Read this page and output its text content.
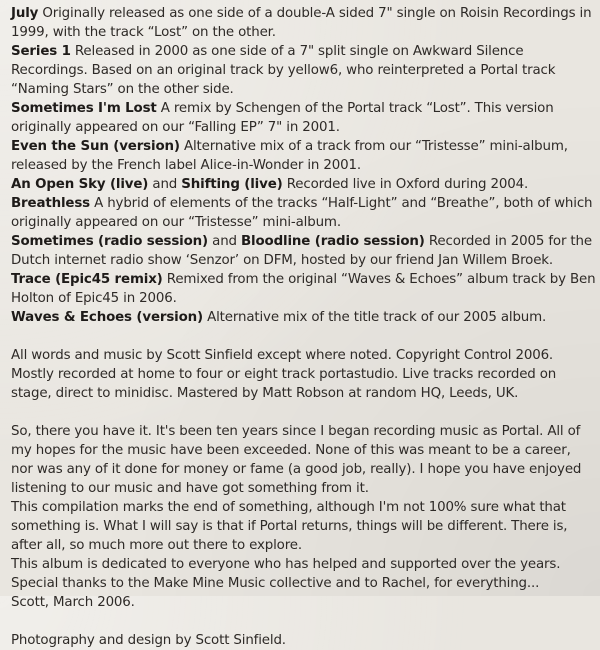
July Originally released as one side of a double-A sided 7" single on Roisin Recordings in 1999, with the track “Lost” on the other.

Series 1 Released in 2000 as one side of a 7" split single on Awkward Silence Recordings. Based on an original track by yellow6, who reinterpreted a Portal track “Naming Stars” on the other side.

Sometimes I'm Lost A remix by Schengen of the Portal track “Lost”. This version originally appeared on our “Falling EP” 7" in 2001.

Even the Sun (version) Alternative mix of a track from our “Tristesse” mini-album, released by the French label Alice-in-Wonder in 2001.

An Open Sky (live) and Shifting (live) Recorded live in Oxford during 2004.

Breathless A hybrid of elements of the tracks “Half-Light” and “Breathe”, both of which originally appeared on our “Tristesse” mini-album.

Sometimes (radio session) and Bloodline (radio session) Recorded in 2005 for the Dutch internet radio show ‘Senzor’ on DFM, hosted by our friend Jan Willem Broek.

Trace (Epic45 remix) Remixed from the original “Waves & Echoes” album track by Ben Holton of Epic45 in 2006.

Waves & Echoes (version) Alternative mix of the title track of our 2005 album.

All words and music by Scott Sinfield except where noted. Copyright Control 2006. Mostly recorded at home to four or eight track portastudio. Live tracks recorded on stage, direct to minidisc. Mastered by Matt Robson at random HQ, Leeds, UK.

So, there you have it. It's been ten years since I began recording music as Portal. All of my hopes for the music have been exceeded. None of this was meant to be a career, nor was any of it done for money or fame (a good job, really). I hope you have enjoyed listening to our music and have got something from it.

This compilation marks the end of something, although I'm not 100% sure what that something is. What I will say is that if Portal returns, things will be different. There is, after all, so much more out there to explore.

This album is dedicated to everyone who has helped and supported over the years. Special thanks to the Make Mine Music collective and to Rachel, for everything...

Scott, March 2006.

Photography and design by Scott Sinfield.
